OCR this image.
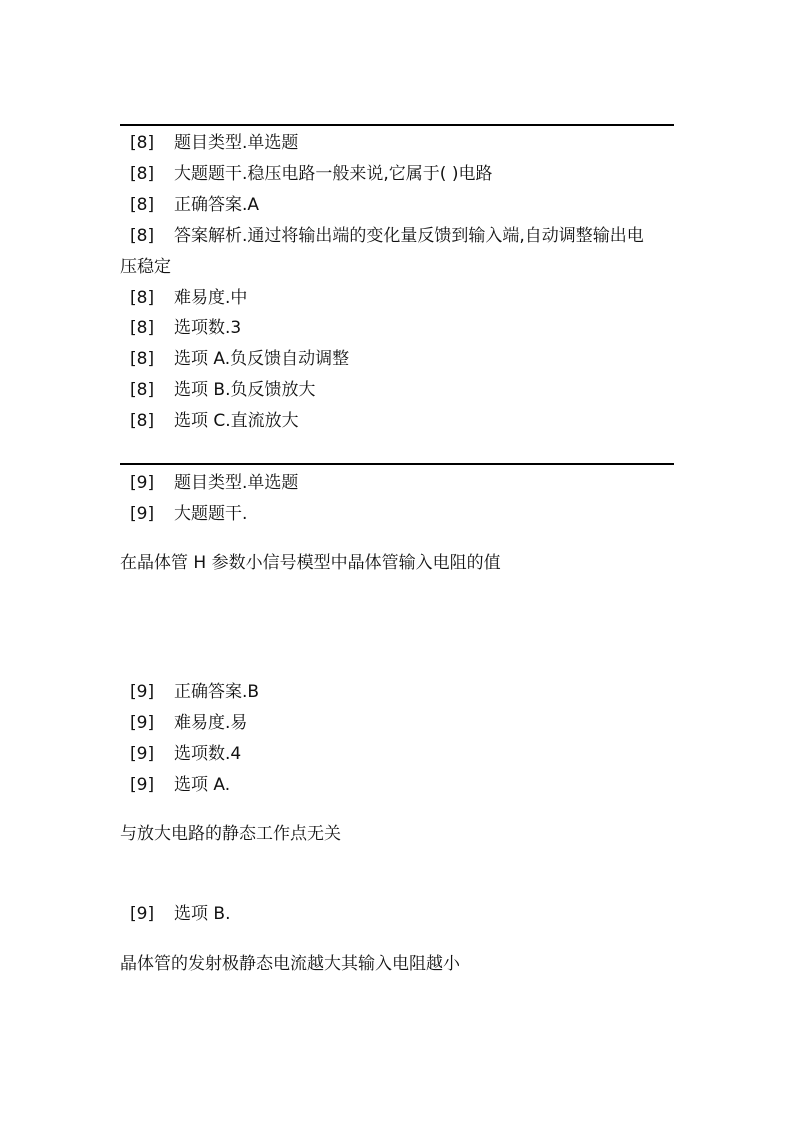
[8] 题目类型.单选题
[8] 大题题干.稳压电路一般来说,它属于( )电路
[8] 正确答案.A
[8] 答案解析.通过将输出端的变化量反馈到输入端,自动调整输出电
压稳定
[8] 难易度.中
[8] 选项数.3
[8] 选项 A.负反馈自动调整
[8] 选项 B.负反馈放大
[8] 选项 C.直流放大
[9] 题目类型.单选题
[9] 大题题干.
在晶体管 H 参数小信号模型中晶体管输入电阻的值
[9] 正确答案.B
[9] 难易度.易
[9] 选项数.4
[9] 选项 A.
与放大电路的静态工作点无关
[9] 选项 B.
晶体管的发射极静态电流越大其输入电阻越小
